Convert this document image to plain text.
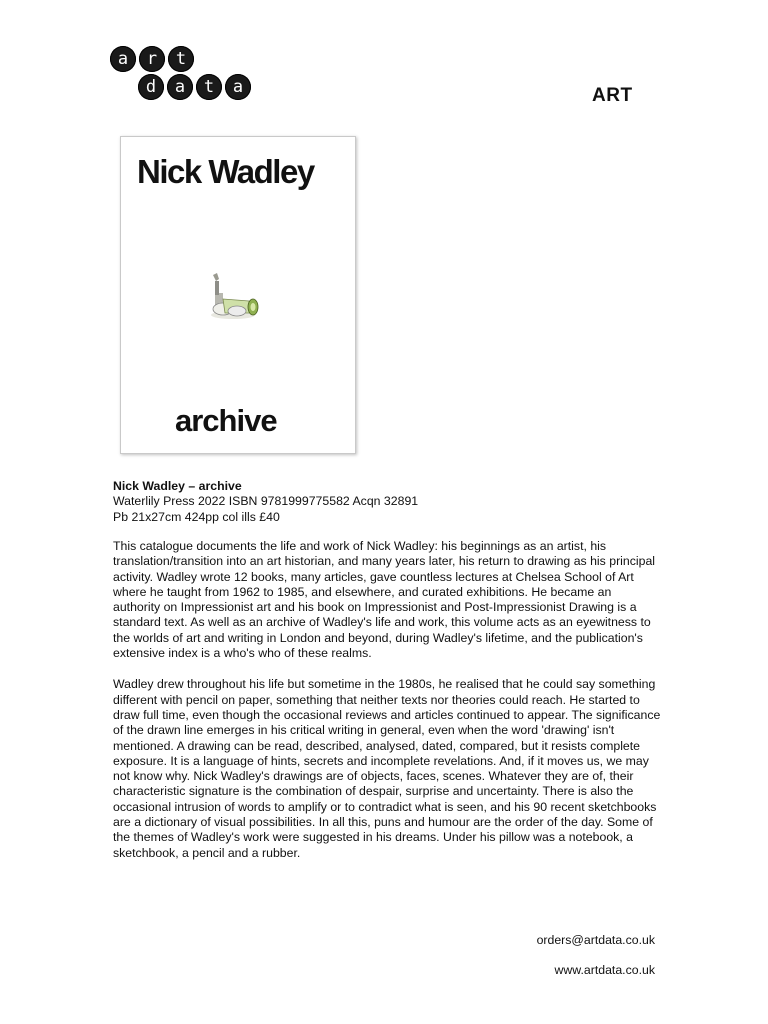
a	r	t
d	a	t	a	ART
Nick Wadley
archive
Nick Wadley – archive
Waterlily Press 2022 ISBN 9781999775582 Acqn 32891
Pb 21x27cm 424pp col ills £40

This catalogue documents the life and work of Nick Wadley: his beginnings as an artist, his translation/transition into an art historian, and many years later, his return to drawing as his principal activity. Wadley wrote 12 books, many articles, gave countless lectures at Chelsea School of Art where he taught from 1962 to 1985, and elsewhere, and curated exhibitions. He became an authority on Impressionist art and his book on Impressionist and Post-Impressionist Drawing is a standard text. As well as an archive of Wadley's life and work, this volume acts as an eyewitness to the worlds of art and writing in London and beyond, during Wadley's lifetime, and the publication's extensive index is a who's who of these realms.

Wadley drew throughout his life but sometime in the 1980s, he realised that he could say something different with pencil on paper, something that neither texts nor theories could reach. He started to draw full time, even though the occasional reviews and articles continued to appear. The significance of the drawn line emerges in his critical writing in general, even when the word 'drawing' isn't mentioned. A drawing can be read, described, analysed, dated, compared, but it resists complete exposure. It is a language of hints, secrets and incomplete revelations. And, if it moves us, we may not know why. Nick Wadley's drawings are of objects, faces, scenes. Whatever they are of, their characteristic signature is the combination of despair, surprise and uncertainty. There is also the occasional intrusion of words to amplify or to contradict what is seen, and his 90 recent sketchbooks are a dictionary of visual possibilities. In all this, puns and humour are the order of the day. Some of the themes of Wadley's work were suggested in his dreams. Under his pillow was a notebook, a sketchbook, a pencil and a rubber.

orders@artdata.co.uk
www.artdata.co.uk
